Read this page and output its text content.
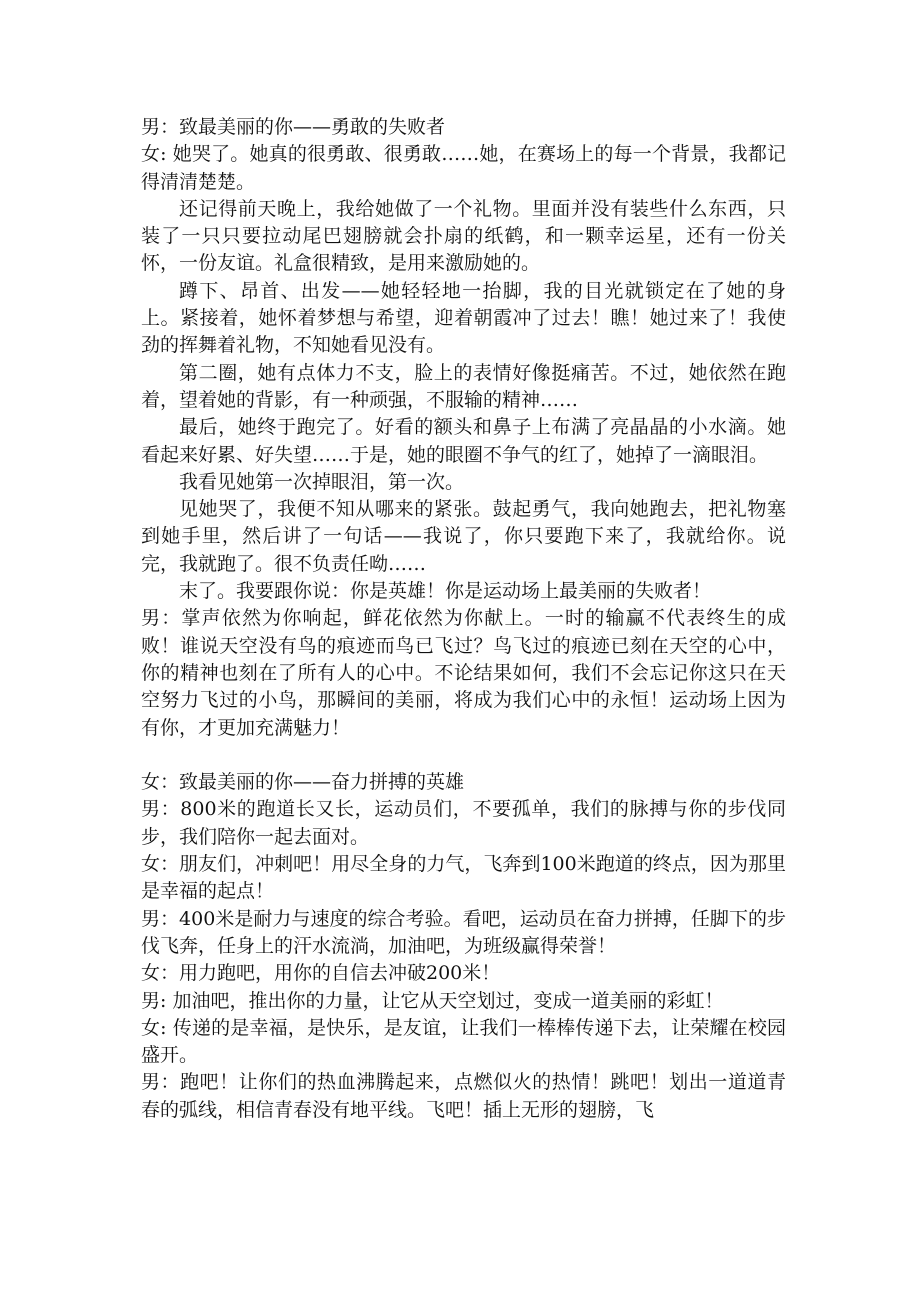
男：致最美丽的你——勇敢的失败者

女: 她哭了。她真的很勇敢、很勇敢……她，在赛场上的每一个背景，我都记得清清楚楚。

还记得前天晚上，我给她做了一个礼物。里面并没有装些什么东西，只装了一只只要拉动尾巴翅膀就会扑扇的纸鹤，和一颗幸运星，还有一份关怀，一份友谊。礼盒很精致，是用来激励她的。

蹲下、昂首、出发——她轻轻地一抬脚，我的目光就锁定在了她的身上。紧接着，她怀着梦想与希望，迎着朝霞冲了过去！瞧！她过来了！我使劲的挥舞着礼物，不知她看见没有。

第二圈，她有点体力不支，脸上的表情好像挺痛苦。不过，她依然在跑着，望着她的背影，有一种顽强，不服输的精神……

最后，她终于跑完了。好看的额头和鼻子上布满了亮晶晶的小水滴。她看起来好累、好失望……于是，她的眼圈不争气的红了，她掉了一滴眼泪。

我看见她第一次掉眼泪，第一次。

见她哭了，我便不知从哪来的紧张。鼓起勇气，我向她跑去，把礼物塞到她手里，然后讲了一句话——我说了，你只要跑下来了，我就给你。说完，我就跑了。很不负责任呦……

末了。我要跟你说：你是英雄！你是运动场上最美丽的失败者！

男：掌声依然为你响起，鲜花依然为你献上。一时的输赢不代表终生的成败！谁说天空没有鸟的痕迹而鸟已飞过？鸟飞过的痕迹已刻在天空的心中，你的精神也刻在了所有人的心中。不论结果如何，我们不会忘记你这只在天空努力飞过的小鸟，那瞬间的美丽，将成为我们心中的永恒！运动场上因为有你，才更加充满魅力！

女：致最美丽的你——奋力拼搏的英雄

男：800米的跑道长又长，运动员们，不要孤单，我们的脉搏与你的步伐同步，我们陪你一起去面对。

女：朋友们，冲刺吧！用尽全身的力气，飞奔到100米跑道的终点，因为那里是幸福的起点！

男：400米是耐力与速度的综合考验。看吧，运动员在奋力拼搏，任脚下的步伐飞奔，任身上的汗水流淌，加油吧，为班级赢得荣誉！

女：用力跑吧，用你的自信去冲破200米！

男: 加油吧，推出你的力量，让它从天空划过，变成一道美丽的彩虹！

女: 传递的是幸福，是快乐，是友谊，让我们一棒棒传递下去，让荣耀在校园盛开。

男：跑吧！让你们的热血沸腾起来，点燃似火的热情！跳吧！划出一道道青春的弧线，相信青春没有地平线。飞吧！插上无形的翅膀，飞
